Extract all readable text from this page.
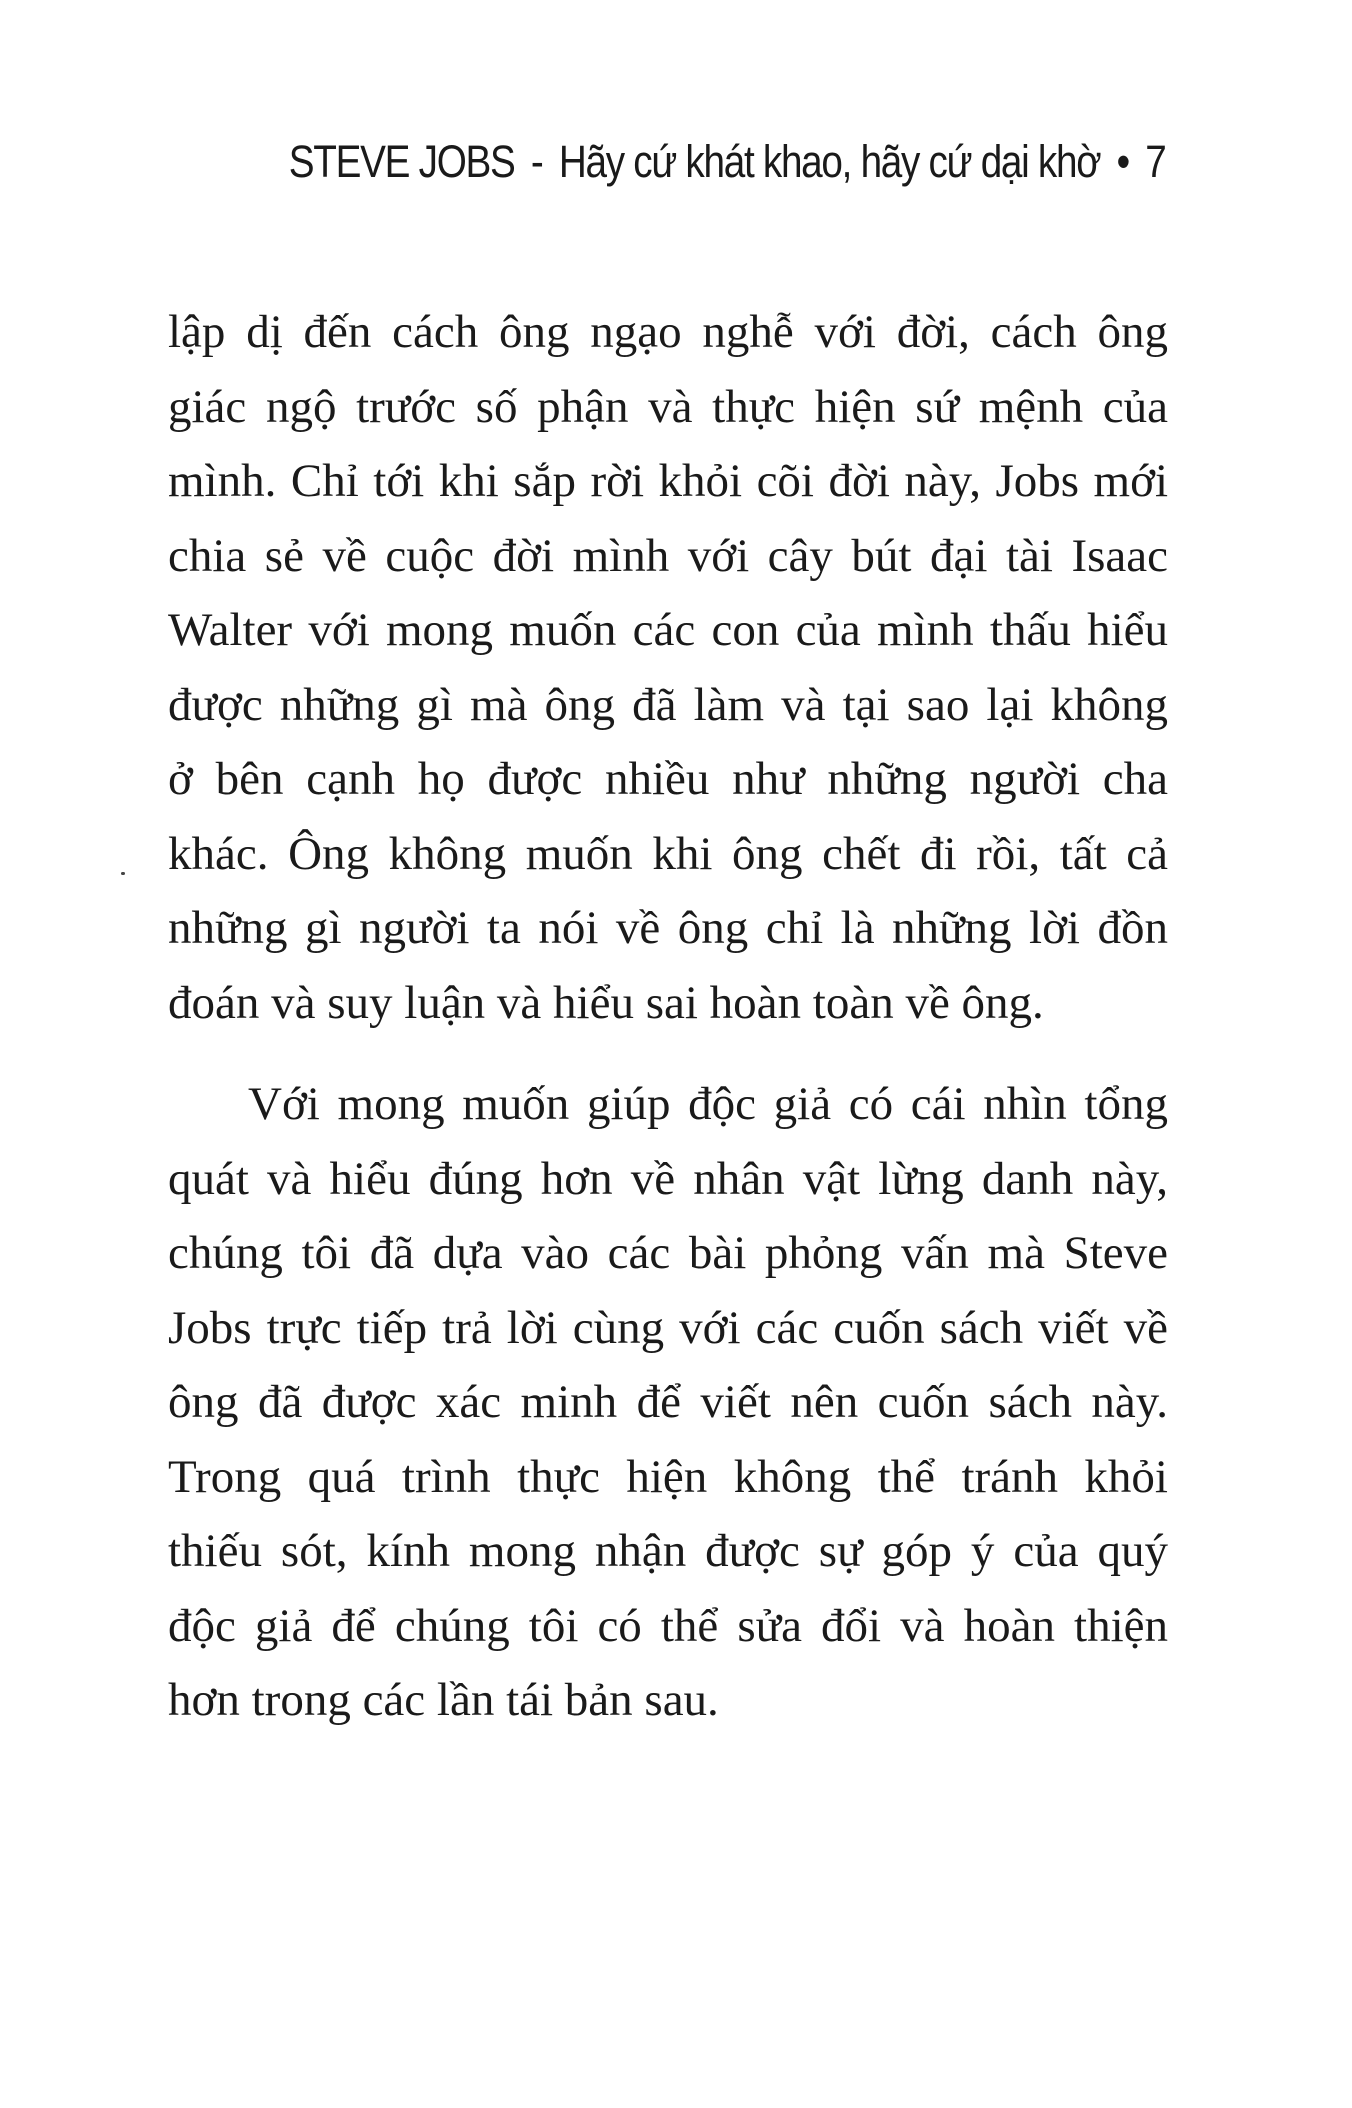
STEVE JOBS - Hãy cứ khát khao, hãy cứ dại khờ • 7

lập dị đến cách ông ngạo nghễ với đời, cách ông
giác ngộ trước số phận và thực hiện sứ mệnh của
mình. Chỉ tới khi sắp rời khỏi cõi đời này, Jobs mới
chia sẻ về cuộc đời mình với cây bút đại tài Isaac
Walter với mong muốn các con của mình thấu hiểu
được những gì mà ông đã làm và tại sao lại không
ở bên cạnh họ được nhiều như những người cha
khác. Ông không muốn khi ông chết đi rồi, tất cả
những gì người ta nói về ông chỉ là những lời đồn
đoán và suy luận và hiểu sai hoàn toàn về ông.

Với mong muốn giúp độc giả có cái nhìn tổng
quát và hiểu đúng hơn về nhân vật lừng danh này,
chúng tôi đã dựa vào các bài phỏng vấn mà Steve
Jobs trực tiếp trả lời cùng với các cuốn sách viết về
ông đã được xác minh để viết nên cuốn sách này.
Trong quá trình thực hiện không thể tránh khỏi
thiếu sót, kính mong nhận được sự góp ý của quý
độc giả để chúng tôi có thể sửa đổi và hoàn thiện
hơn trong các lần tái bản sau.
